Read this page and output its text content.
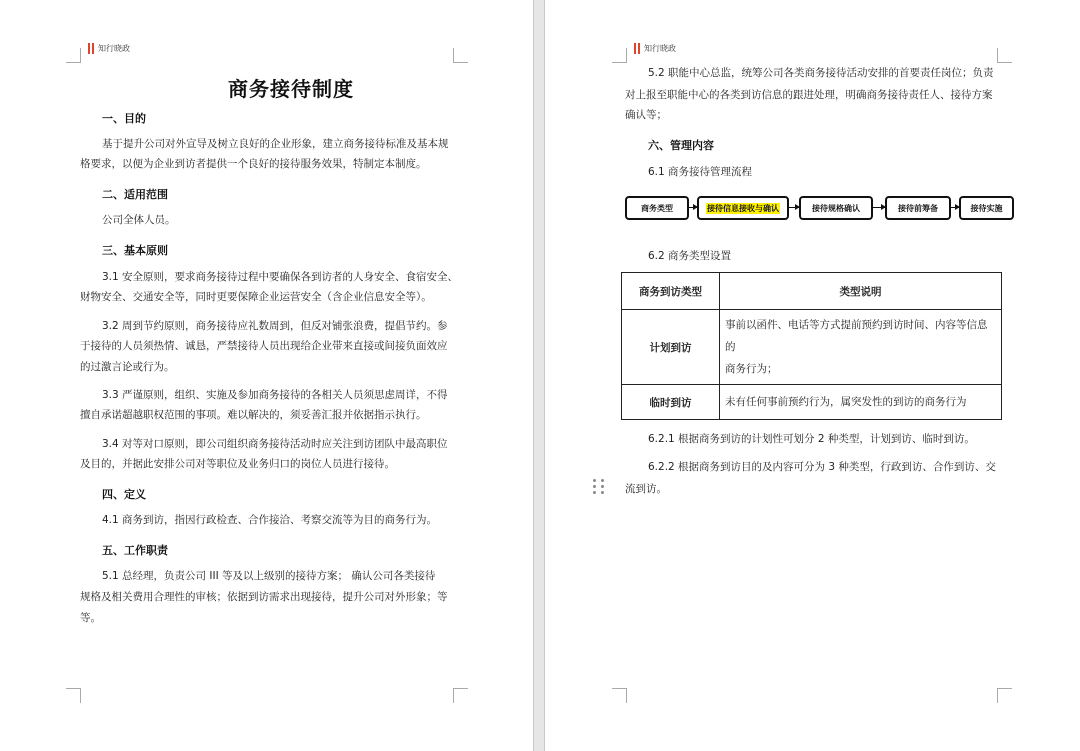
知行晓政
商务接待制度
一、目的
基于提升公司对外宣导及树立良好的企业形象，建立商务接待标准及基本规
格要求，以便为企业到访者提供一个良好的接待服务效果，特制定本制度。
二、适用范围
公司全体人员。
三、基本原则
3.1 安全原则，要求商务接待过程中要确保各到访者的人身安全、食宿安全、
财物安全、交通安全等，同时更要保障企业运营安全（含企业信息安全等）。
3.2 周到节约原则，商务接待应礼数周到，但反对铺张浪费，提倡节约。参
于接待的人员须热情、诚恳，严禁接待人员出现给企业带来直接或间接负面效应
的过激言论或行为。
3.3 严谨原则，组织、实施及参加商务接待的各相关人员须思虑周详，不得
擅自承诺超越职权范围的事项。难以解决的，须妥善汇报并依据指示执行。
3.4 对等对口原则，即公司组织商务接待活动时应关注到访团队中最高职位
及目的，并据此安排公司对等职位及业务归口的岗位人员进行接待。
四、定义
4.1 商务到访，指因行政检查、合作接洽、考察交流等为目的商务行为。
五、工作职责
5.1 总经理，负责公司 III 等及以上级别的接待方案； 确认公司各类接待
规格及相关费用合理性的审核；依据到访需求出现接待，提升公司对外形象；等
等。
知行晓政
5.2 职能中心总监，统筹公司各类商务接待活动安排的首要责任岗位；负责
对上报至职能中心的各类到访信息的跟进处理，明确商务接待责任人、接待方案
确认等；
六、管理内容
6.1 商务接待管理流程
商务类型	接待信息接收与确认	接待规格确认	接待前筹备	接待实施
6.2 商务类型设置
商务到访类型	类型说明
计划到访	事前以函件、电话等方式提前预约到访时间、内容等信息的
商务行为；

临时到访	未有任何事前预约行为，属突发性的到访的商务行为
6.2.1 根据商务到访的计划性可划分 2 种类型，计划到访、临时到访。
6.2.2 根据商务到访目的及内容可分为 3 种类型，行政到访、合作到访、交
流到访。
